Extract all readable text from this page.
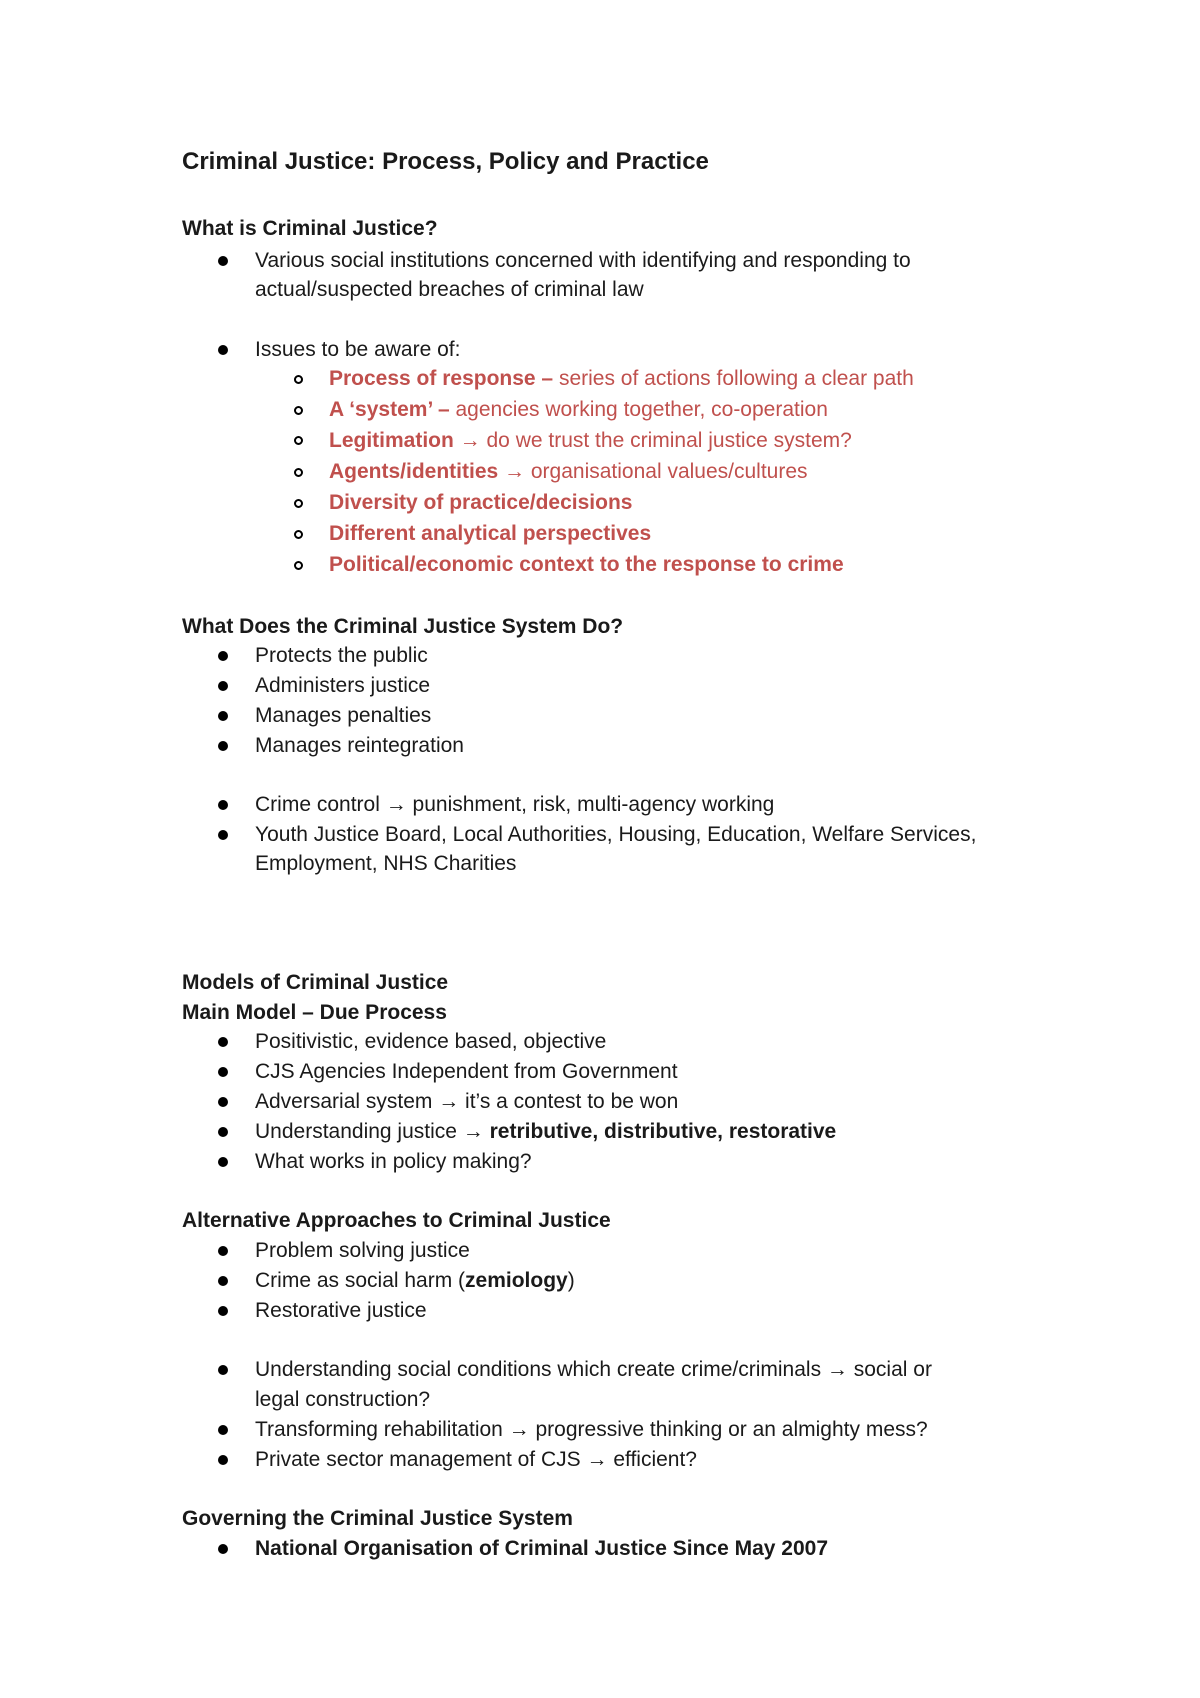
Criminal Justice: Process, Policy and Practice
What is Criminal Justice?
Various social institutions concerned with identifying and responding to
actual/suspected breaches of criminal law
Issues to be aware of:
Process of response – series of actions following a clear path
A ‘system’ – agencies working together, co-operation
Legitimation → do we trust the criminal justice system?
Agents/identities → organisational values/cultures
Diversity of practice/decisions
Different analytical perspectives
Political/economic context to the response to crime
What Does the Criminal Justice System Do?
Protects the public
Administers justice
Manages penalties
Manages reintegration
Crime control → punishment, risk, multi-agency working
Youth Justice Board, Local Authorities, Housing, Education, Welfare Services,
Employment, NHS Charities
Models of Criminal Justice
Main Model – Due Process
Positivistic, evidence based, objective
CJS Agencies Independent from Government
Adversarial system → it’s a contest to be won
Understanding justice → retributive, distributive, restorative
What works in policy making?
Alternative Approaches to Criminal Justice
Problem solving justice
Crime as social harm (zemiology)
Restorative justice
Understanding social conditions which create crime/criminals → social or
legal construction?
Transforming rehabilitation → progressive thinking or an almighty mess?
Private sector management of CJS → efficient?
Governing the Criminal Justice System
National Organisation of Criminal Justice Since May 2007
